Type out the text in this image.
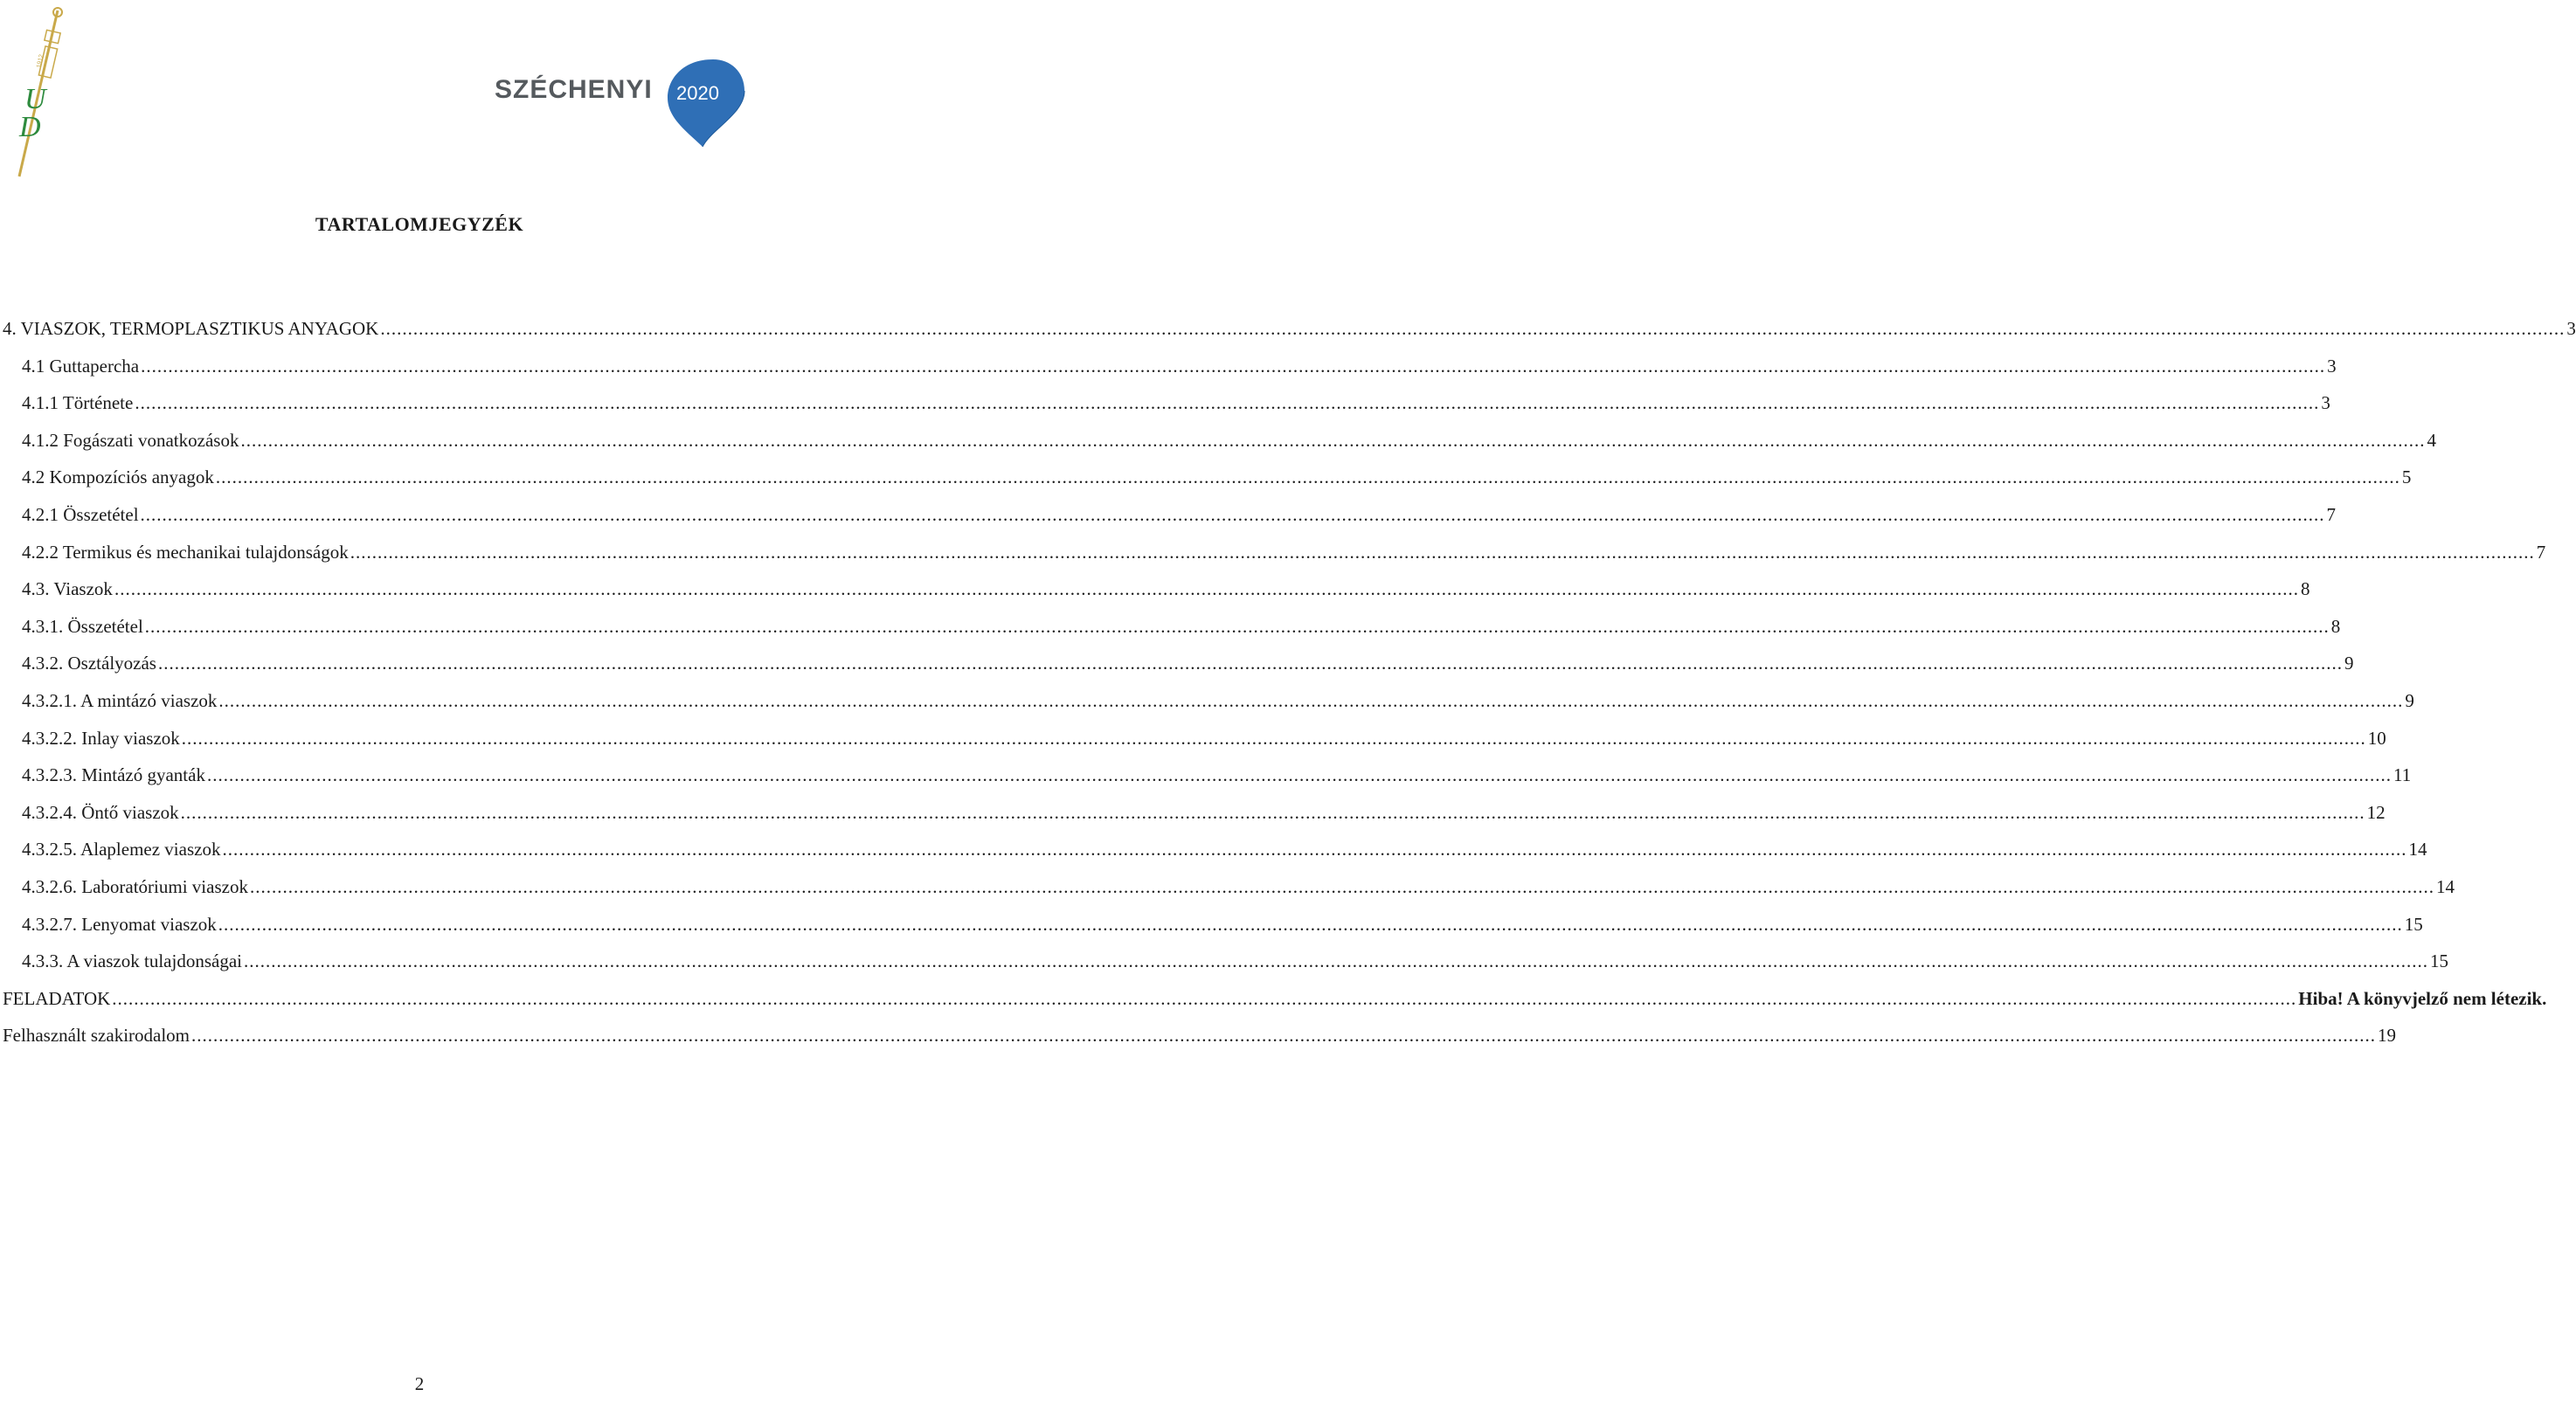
1912
U
D
SZÉCHENYI 2020
TARTALOMJEGYZÉK
4. VIASZOK, TERMOPLASZTIKUS ANYAGOK ................................................................................................................................................................................................................................................................................................................................................................................................................ 3
4.1 Guttapercha ................................................................................................................................................................................................................................................................................................................................................................................................................ 3
4.1.1 Története ................................................................................................................................................................................................................................................................................................................................................................................................................ 3
4.1.2 Fogászati vonatkozások ................................................................................................................................................................................................................................................................................................................................................................................................................ 4
4.2 Kompozíciós anyagok ................................................................................................................................................................................................................................................................................................................................................................................................................ 5
4.2.1 Összetétel ................................................................................................................................................................................................................................................................................................................................................................................................................ 7
4.2.2 Termikus és mechanikai tulajdonságok ................................................................................................................................................................................................................................................................................................................................................................................................................ 7
4.3. Viaszok ................................................................................................................................................................................................................................................................................................................................................................................................................ 8
4.3.1. Összetétel ................................................................................................................................................................................................................................................................................................................................................................................................................ 8
4.3.2. Osztályozás ................................................................................................................................................................................................................................................................................................................................................................................................................ 9
4.3.2.1. A mintázó viaszok ................................................................................................................................................................................................................................................................................................................................................................................................................ 9
4.3.2.2. Inlay viaszok ................................................................................................................................................................................................................................................................................................................................................................................................................ 10
4.3.2.3. Mintázó gyanták ................................................................................................................................................................................................................................................................................................................................................................................................................ 11
4.3.2.4. Öntő viaszok ................................................................................................................................................................................................................................................................................................................................................................................................................ 12
4.3.2.5. Alaplemez viaszok ................................................................................................................................................................................................................................................................................................................................................................................................................ 14
4.3.2.6. Laboratóriumi viaszok ................................................................................................................................................................................................................................................................................................................................................................................................................ 14
4.3.2.7. Lenyomat viaszok ................................................................................................................................................................................................................................................................................................................................................................................................................ 15
4.3.3. A viaszok tulajdonságai ................................................................................................................................................................................................................................................................................................................................................................................................................ 15
FELADATOK ................................................................................................................................................................................................................................................................................................................................................................................................................ Hiba! A könyvjelző nem létezik.
Felhasznált szakirodalom ................................................................................................................................................................................................................................................................................................................................................................................................................ 19
2
